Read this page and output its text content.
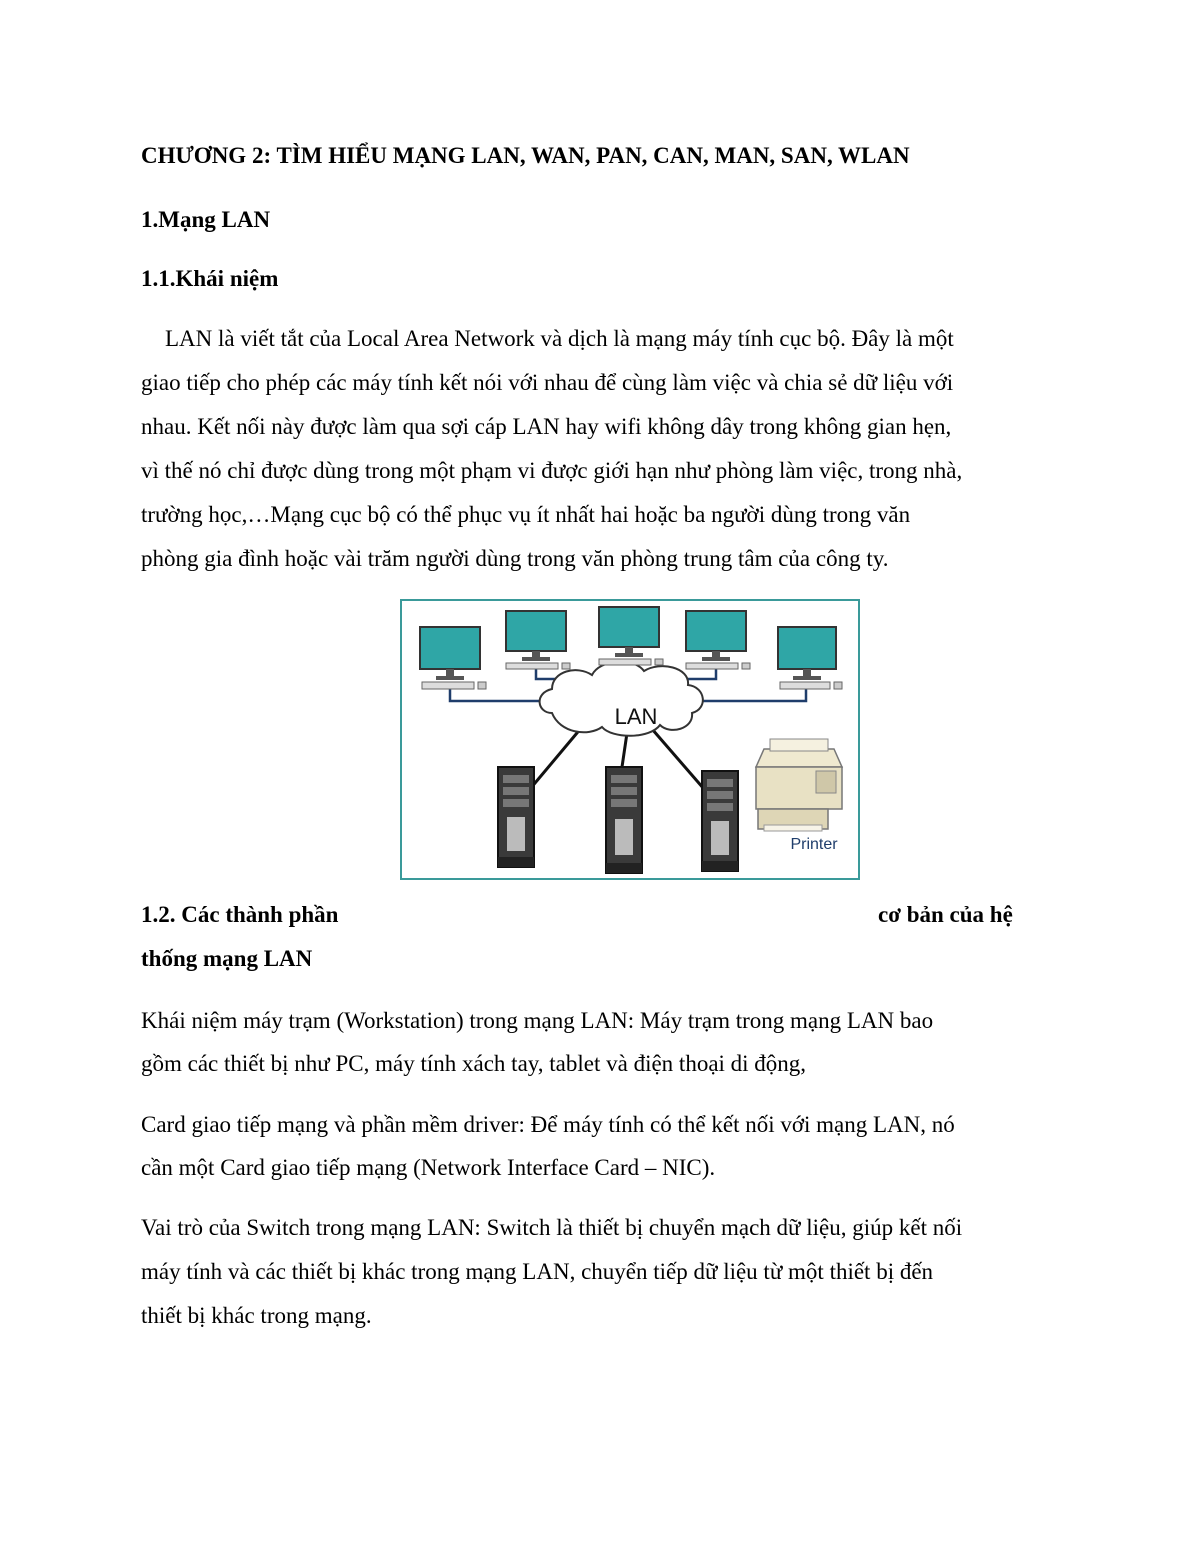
CHƯƠNG 2: TÌM HIỂU MẠNG LAN, WAN, PAN, CAN, MAN, SAN, WLAN
1.Mạng LAN
1.1.Khái niệm
LAN là viết tắt của Local Area Network và dịch là mạng máy tính cục bộ. Đây là một
giao tiếp cho phép các máy tính kết nói với nhau để cùng làm việc và chia sẻ dữ liệu với
nhau. Kết nối này được làm qua sợi cáp LAN hay wifi không dây trong không gian hẹn,
vì thế nó chỉ được dùng trong một phạm vi được giới hạn như phòng làm việc, trong nhà,
trường học,…Mạng cục bộ có thể phục vụ ít nhất hai hoặc ba người dùng trong văn
phòng gia đình hoặc vài trăm người dùng trong văn phòng trung tâm của công ty.
LAN
Printer
1.2. Các thành phần	cơ bản của hệ
thống mạng LAN
Khái niệm máy trạm (Workstation) trong mạng LAN: Máy trạm trong mạng LAN bao
gồm các thiết bị như PC, máy tính xách tay, tablet và điện thoại di động,
Card giao tiếp mạng và phần mềm driver: Để máy tính có thể kết nối với mạng LAN, nó
cần một Card giao tiếp mạng (Network Interface Card – NIC).
Vai trò của Switch trong mạng LAN: Switch là thiết bị chuyển mạch dữ liệu, giúp kết nối
máy tính và các thiết bị khác trong mạng LAN, chuyển tiếp dữ liệu từ một thiết bị đến
thiết bị khác trong mạng.
